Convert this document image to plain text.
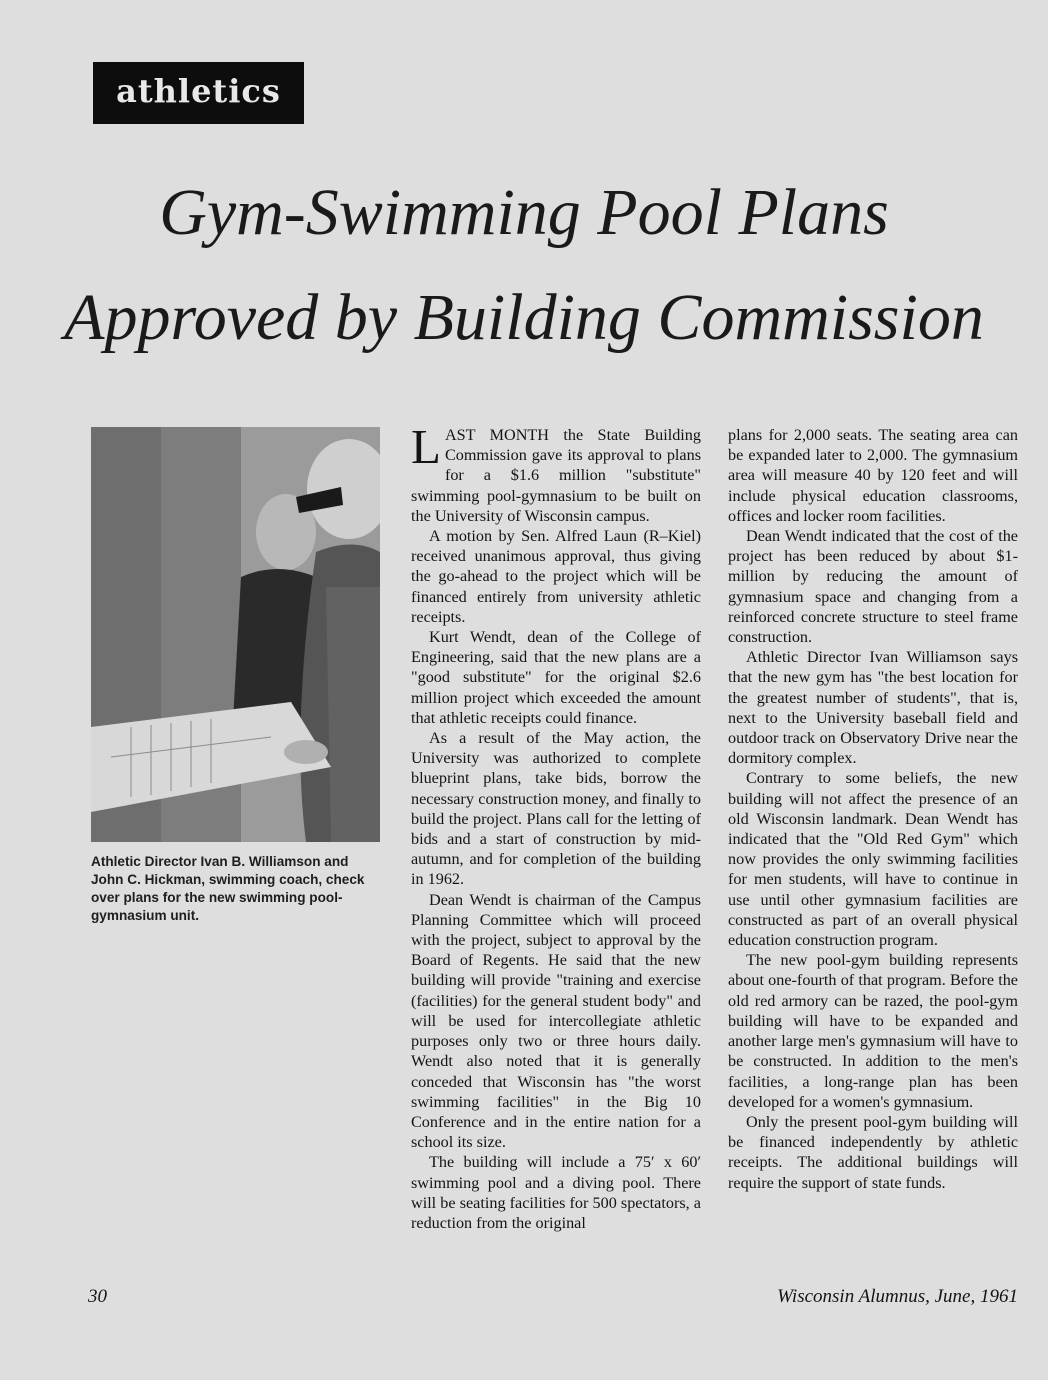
athletics
Gym-Swimming Pool Plans
Approved by Building Commission

Athletic Director Ivan B. Williamson and John C. Hickman, swimming coach, check over plans for the new swimming pool-gymnasium unit.

LAST MONTH the State Building Commission gave its approval to plans for a $1.6 million "substitute" swimming pool-gymnasium to be built on the University of Wisconsin campus.

A motion by Sen. Alfred Laun (R–Kiel) received unanimous approval, thus giving the go-ahead to the project which will be financed entirely from university athletic receipts.

Kurt Wendt, dean of the College of Engineering, said that the new plans are a "good substitute" for the original $2.6 million project which exceeded the amount that athletic receipts could finance.

As a result of the May action, the University was authorized to complete blueprint plans, take bids, borrow the necessary construction money, and finally to build the project. Plans call for the letting of bids and a start of construction by mid-autumn, and for completion of the building in 1962.

Dean Wendt is chairman of the Campus Planning Committee which will proceed with the project, subject to approval by the Board of Regents. He said that the new building will provide "training and exercise (facilities) for the general student body" and will be used for intercollegiate athletic purposes only two or three hours daily. Wendt also noted that it is generally conceded that Wisconsin has "the worst swimming facilities" in the Big 10 Conference and in the entire nation for a school its size.

The building will include a 75′ x 60′ swimming pool and a diving pool. There will be seating facilities for 500 spectators, a reduction from the original

plans for 2,000 seats. The seating area can be expanded later to 2,000. The gymnasium area will measure 40 by 120 feet and will include physical education classrooms, offices and locker room facilities.

Dean Wendt indicated that the cost of the project has been reduced by about $1-million by reducing the amount of gymnasium space and changing from a reinforced concrete structure to steel frame construction.

Athletic Director Ivan Williamson says that the new gym has "the best location for the greatest number of students", that is, next to the University baseball field and outdoor track on Observatory Drive near the dormitory complex.

Contrary to some beliefs, the new building will not affect the presence of an old Wisconsin landmark. Dean Wendt has indicated that the "Old Red Gym" which now provides the only swimming facilities for men students, will have to continue in use until other gymnasium facilities are constructed as part of an overall physical education construction program.

The new pool-gym building represents about one-fourth of that program. Before the old red armory can be razed, the pool-gym building will have to be expanded and another large men's gymnasium will have to be constructed. In addition to the men's facilities, a long-range plan has been developed for a women's gymnasium.

Only the present pool-gym building will be financed independently by athletic receipts. The additional buildings will require the support of state funds.

30	Wisconsin Alumnus, June, 1961
